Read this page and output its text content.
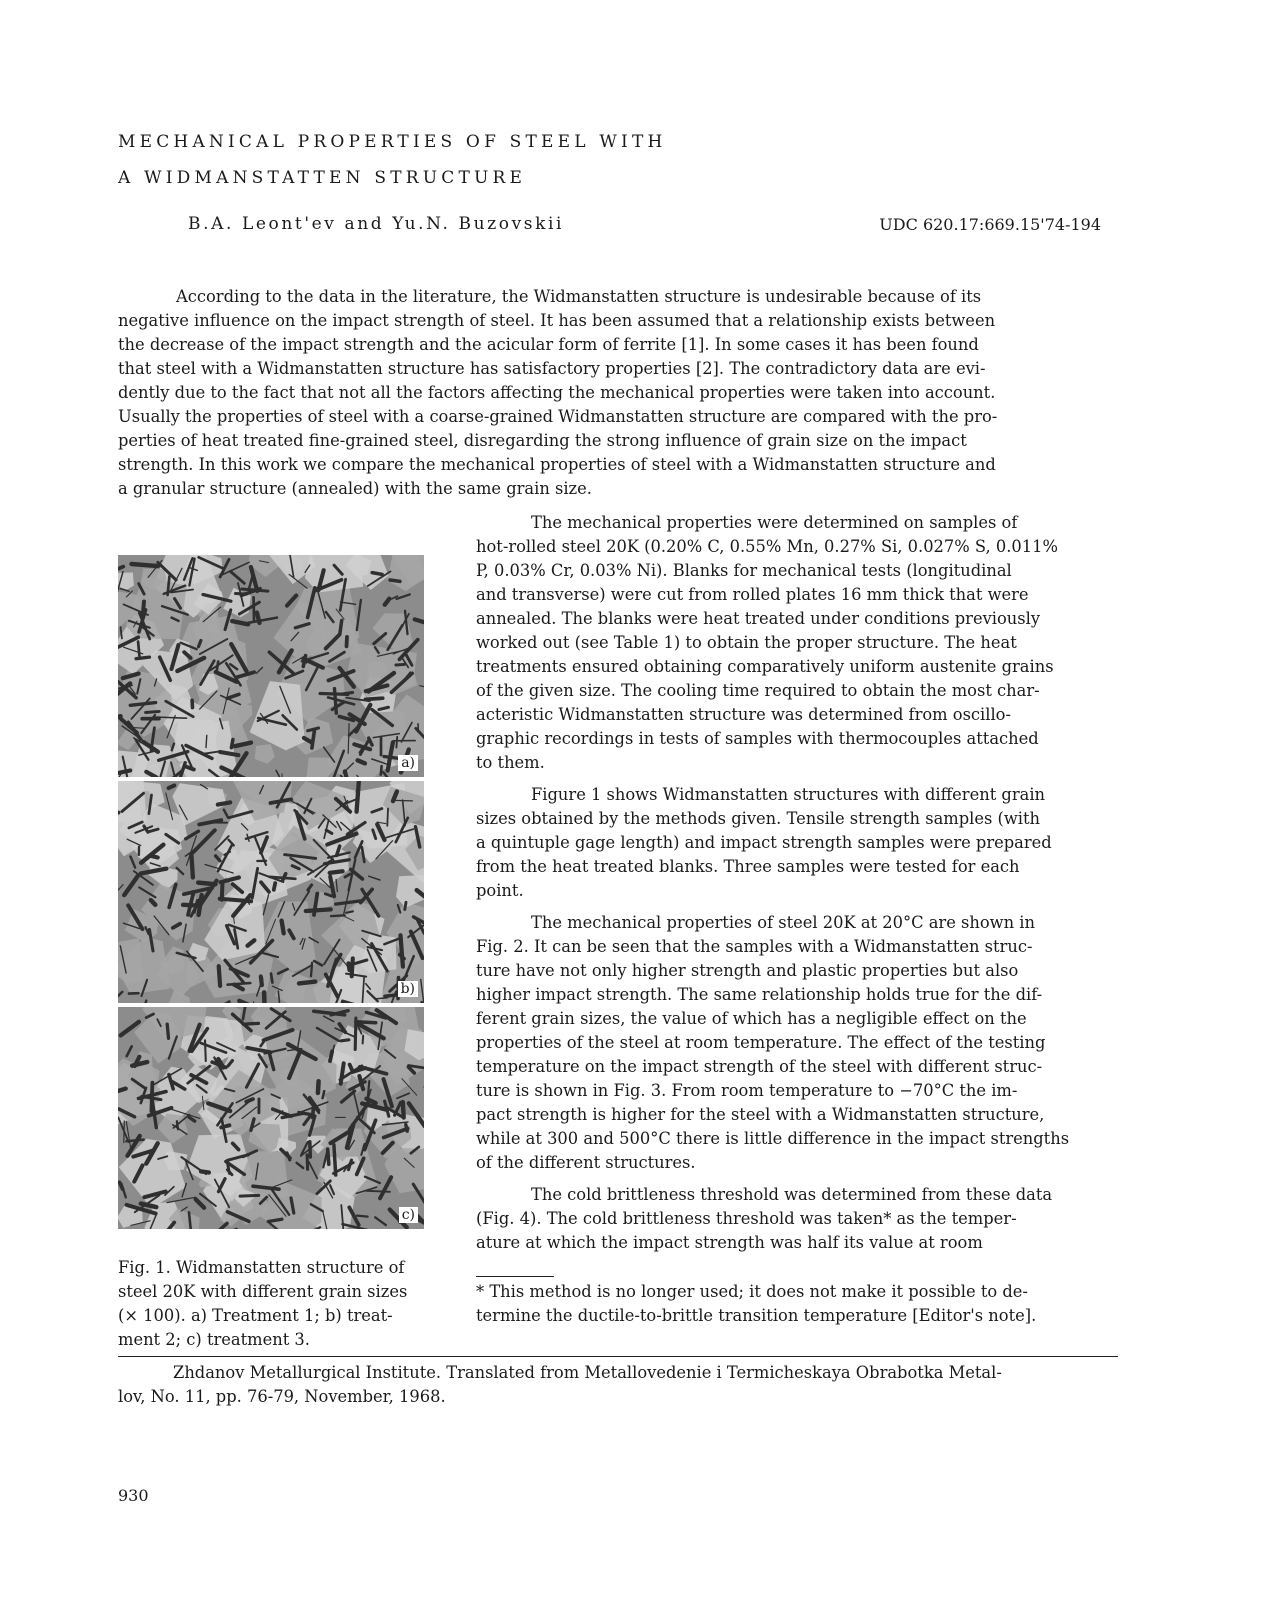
MECHANICAL PROPERTIES OF STEEL WITH
A WIDMANSTATTEN STRUCTURE
B.A. Leont'ev and Yu.N. Buzovskii	UDC 620.17:669.15'74-194
According to the data in the literature, the Widmanstatten structure is undesirable because of its
negative influence on the impact strength of steel. It has been assumed that a relationship exists between
the decrease of the impact strength and the acicular form of ferrite [1]. In some cases it has been found
that steel with a Widmanstatten structure has satisfactory properties [2]. The contradictory data are evi-
dently due to the fact that not all the factors affecting the mechanical properties were taken into account.
Usually the properties of steel with a coarse-grained Widmanstatten structure are compared with the pro-
perties of heat treated fine-grained steel, disregarding the strong influence of grain size on the impact
strength. In this work we compare the mechanical properties of steel with a Widmanstatten structure and
a granular structure (annealed) with the same grain size.
The mechanical properties were determined on samples of
hot-rolled steel 20K (0.20% C, 0.55% Mn, 0.27% Si, 0.027% S, 0.011%
P, 0.03% Cr, 0.03% Ni). Blanks for mechanical tests (longitudinal
and transverse) were cut from rolled plates 16 mm thick that were
annealed. The blanks were heat treated under conditions previously
worked out (see Table 1) to obtain the proper structure. The heat
treatments ensured obtaining comparatively uniform austenite grains
of the given size. The cooling time required to obtain the most char-
acteristic Widmanstatten structure was determined from oscillo-
graphic recordings in tests of samples with thermocouples attached
to them.
Figure 1 shows Widmanstatten structures with different grain
sizes obtained by the methods given. Tensile strength samples (with
a quintuple gage length) and impact strength samples were prepared
from the heat treated blanks. Three samples were tested for each
point.
The mechanical properties of steel 20K at 20°C are shown in
Fig. 2. It can be seen that the samples with a Widmanstatten struc-
ture have not only higher strength and plastic properties but also
higher impact strength. The same relationship holds true for the dif-
ferent grain sizes, the value of which has a negligible effect on the
properties of the steel at room temperature. The effect of the testing
temperature on the impact strength of the steel with different struc-
ture is shown in Fig. 3. From room temperature to −70°C the im-
pact strength is higher for the steel with a Widmanstatten structure,
while at 300 and 500°C there is little difference in the impact strengths
of the different structures.
The cold brittleness threshold was determined from these data
(Fig. 4). The cold brittleness threshold was taken* as the temper-
ature at which the impact strength was half its value at room
a)
b)
c)
Fig. 1. Widmanstatten structure of
steel 20K with different grain sizes
(× 100). a) Treatment 1; b) treat-
ment 2; c) treatment 3.
* This method is no longer used; it does not make it possible to de-
termine the ductile-to-brittle transition temperature [Editor's note].
Zhdanov Metallurgical Institute. Translated from Metallovedenie i Termicheskaya Obrabotka Metal-
lov, No. 11, pp. 76-79, November, 1968.
930
